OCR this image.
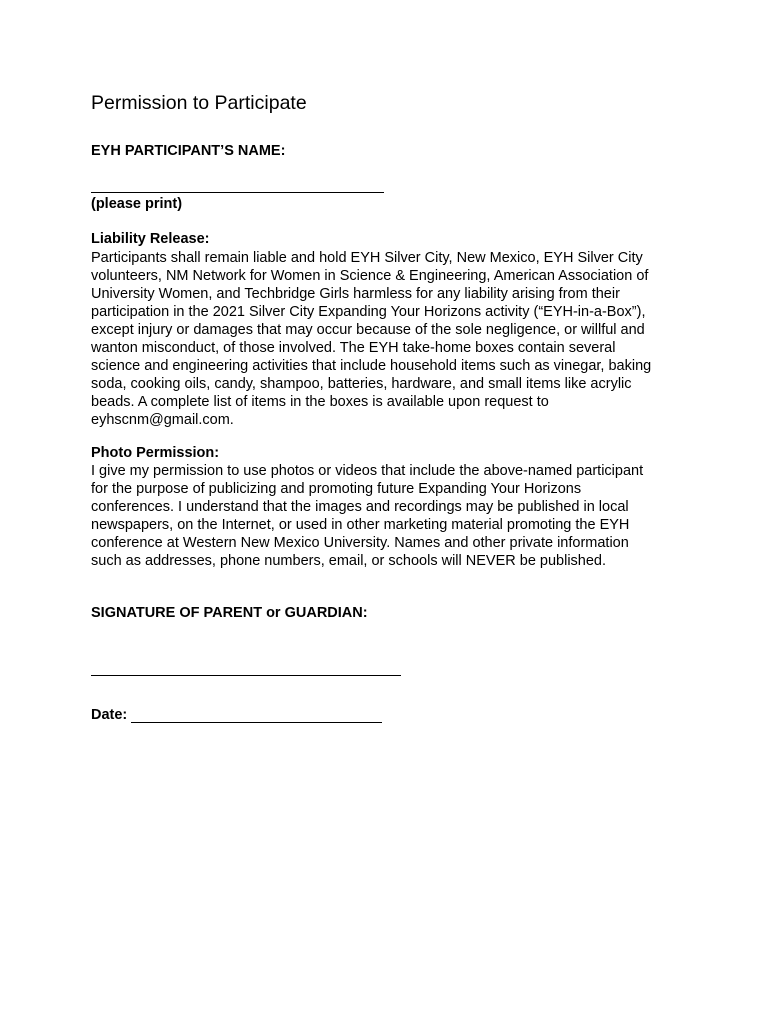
Permission to Participate
EYH PARTICIPANT’S NAME:
(please print)
Liability Release:
Participants shall remain liable and hold EYH Silver City, New Mexico, EYH Silver City
volunteers, NM Network for Women in Science & Engineering, American Association of
University Women, and Techbridge Girls harmless for any liability arising from their
participation in the 2021 Silver City Expanding Your Horizons activity (“EYH-in-a-Box”),
except injury or damages that may occur because of the sole negligence, or willful and
wanton misconduct, of those involved. The EYH take-home boxes contain several
science and engineering activities that include household items such as vinegar, baking
soda, cooking oils, candy, shampoo, batteries, hardware, and small items like acrylic
beads. A complete list of items in the boxes is available upon request to
eyhscnm@gmail.com.
Photo Permission:
I give my permission to use photos or videos that include the above-named participant
for the purpose of publicizing and promoting future Expanding Your Horizons
conferences. I understand that the images and recordings may be published in local
newspapers, on the Internet, or used in other marketing material promoting the EYH
conference at Western New Mexico University. Names and other private information
such as addresses, phone numbers, email, or schools will NEVER be published.
SIGNATURE OF PARENT or GUARDIAN:
Date:
